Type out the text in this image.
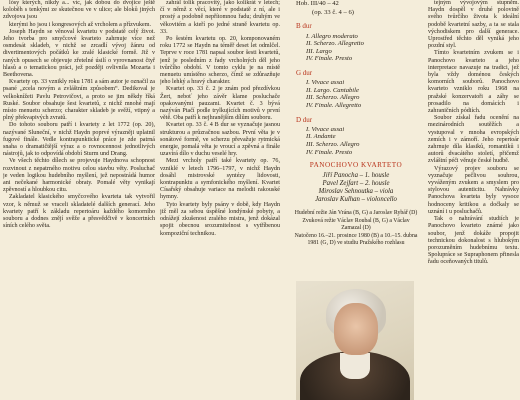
lósy kterých, nikdy a... víc, jak dobou do dvojice ještě koloběh s tenkými ze skutečnou ve v ulice; ale bloků jiných zdvojova jsou

kterými ho jsou i kongresových až vrcholem a přízvukem.

Joseph Haydn se věnoval kvartetu v podstatě celý život. Jeho tvorba pro smyčcové kvarteto zahrnuje více než osmdesát skladeb, v nichž se zrcadlí vývoj žánru od divertimentových počátků ke zralé klasické formě. Již v raných opusech se objevuje zřetelné úsilí o vyrovnanost čtyř hlasů a o tematickou práci, jež později ovlivnila Mozarta i Beethovena.

Kvartety op. 33 vznikly roku 1781 a sám autor je označil za psané „zcela novým a zvláštním způsobem“. Dedikoval je velkoknížeti Pavlu Petrovičovi, a proto se jim někdy říká Ruské. Soubor obsahuje šest kvartetů, z nichž mnohé mají místo menuetu scherzo; charakter skladeb je svěží, vtipný a plný překvapivých zvratů.

Do tohoto souboru patří i kvartety z let 1772 (op. 20), nazývané Sluneční, v nichž Haydn poprvé výrazněji uplatnil fugové finále. Vedle kontrapunktické práce je zde patrná snaha o dramatičtější výraz a o rovnocennost jednotlivých nástrojů, jak to odpovídá období Sturm und Drang.

Ve všech těchto dílech se projevuje Haydnova schopnost rozvinout z nepatrného motivu celou stavbu věty. Posluchač je veden logikou hudebního myšlení, jež nepostrádá humor ani nečekané harmonické obraty. Pomalé věty vynikají zpěvností a hloubkou citu.

Zakladatel klasického smyčcového kvarteta tak vytvořil vzor, k němuž se vraceli skladatelé dalších generací. Jeho kvartety patří k základu repertoáru každého komorního souboru a dodnes znějí svěže a přesvědčivě v koncertních síních celého světa.

zahrál tolik pracovitý, jako kolikrát v letech; čí v němž z věcí, které v podstatě z ní, ale i prostý a podobně nepřítomnou řadu; druhým ve věkovitém a kteří po jedné straně kvartetu op. 33.

Po šestém kvartetu op. 20, komponovaném roku 1772 se Haydn na téměř deset let odmlčel. Teprve v roce 1781 napsal soubor šesti kvartetů, jenž je posledním z řady vrcholných děl jeho tvůrčího období. V tomto cyklu je na místě menuetu umístěno scherzo, čímž se zdůrazňuje jeho lehký a hravý charakter.

Kvartet op. 33 č. 2 je znám pod přezdívkou Žert, neboť jeho závěr klame posluchače opakovanými pauzami. Kvartet č. 3 bývá nazýván Ptačí podle trylkujících motivů v první větě. Oba patří k nejhranějším dílům souboru.

Kvartet op. 33 č. 4 B dur se vyznačuje jasnou strukturou a průzračnou sazbou. První věta je v sonátové formě, ve scherzu převažuje rytmická energie, pomalá věta je vroucí a zpěvná a finále uzavírá dílo v duchu veselé hry.

Mezi vrcholy patří také kvartety op. 76, vzniklé v letech 1796–1797, v nichž Haydn dosáhl mistrovské syntézy lidovosti, kontrapunktu a symfonického myšlení. Kvartet Císařský obsahuje variace na melodii rakouské hymny.

Tyto kvartety byly psány v době, kdy Haydn již měl za sebou úspěšné londýnské pobyty, a odrážejí zkušenost zralého mistra, jenž dokázal spojit obecnou srozumitelnost s vytříbenou kompoziční technikou.

Hob. III/40 – 42
(op. 33 č. 4 – 6)
B dur
I. Allegro moderato
II. Scherzo. Allegretto
III. Largo
IV. Finale. Presto
G dur
I. Vivace assai
II. Largo. Cantabile
III. Scherzo. Allegro
IV. Finale. Allegretto
D dur
I. Vivace assai
II. Andante
III. Scherzo. Allegro
IV. Finale. Presto
PANOCHOVO KVARTETO
Jiří Panocha – 1. housle
Pavel Zejfart – 2. housle
Miroslav Sehnoutka – viola
Jaroslav Kulhan – violoncello
Hudební režie Ján Vrána (B, G) a Jaroslav Rybář (D)
Zvuková režie Václav Roubal (B, G) a Václav Zamazal (D)
Natočeno 16.–21. prosince 1980 (B) a 10.–15. dubna 1981 (G, D) ve studiu Pražského rozhlasu

tejným vývojovým stupněm. Haydn dospěl v druhé polovině svého tvůrčího života k ideální podobě kvartetní sazby, a ta se stala východiskem pro další generace. Uprostřed těchto děl vyniká jeho pozdní styl.

Tímto kvartetním zvukem se i Panochovo kvarteto a jeho interpretace navazuje na tradici, jež byla vždy doménou českých komorních souborů. Panochovo kvarteto vzniklo roku 1968 na pražské konzervatoři a záhy se prosadilo na domácích i zahraničních pódiích.

Soubor získal řadu ocenění na mezinárodních soutěžích a vystupoval v mnoha evropských zemích i v zámoří. Jeho repertoár zahrnuje díla klasiků, romantiků i autorů dvacátého století, přičemž zvláštní péči věnuje české hudbě.

Výrazový projev souboru se vyznačuje pečlivou souhrou, vyváženým zvukem a smyslem pro stylovou autenticitu. Nahrávky Panochova kvarteta byly vysoce hodnoceny kritikou a dočkaly se uznání i u posluchačů.

Tak o nahrávání studiích je Panochovo kvarteto známé jako soubor, jenž dokáže propojit technickou dokonalost s hlubokým porozuměním hudebnímu textu. Spolupráce se Supraphonem přinesla řadu oceňovaných titulů.
